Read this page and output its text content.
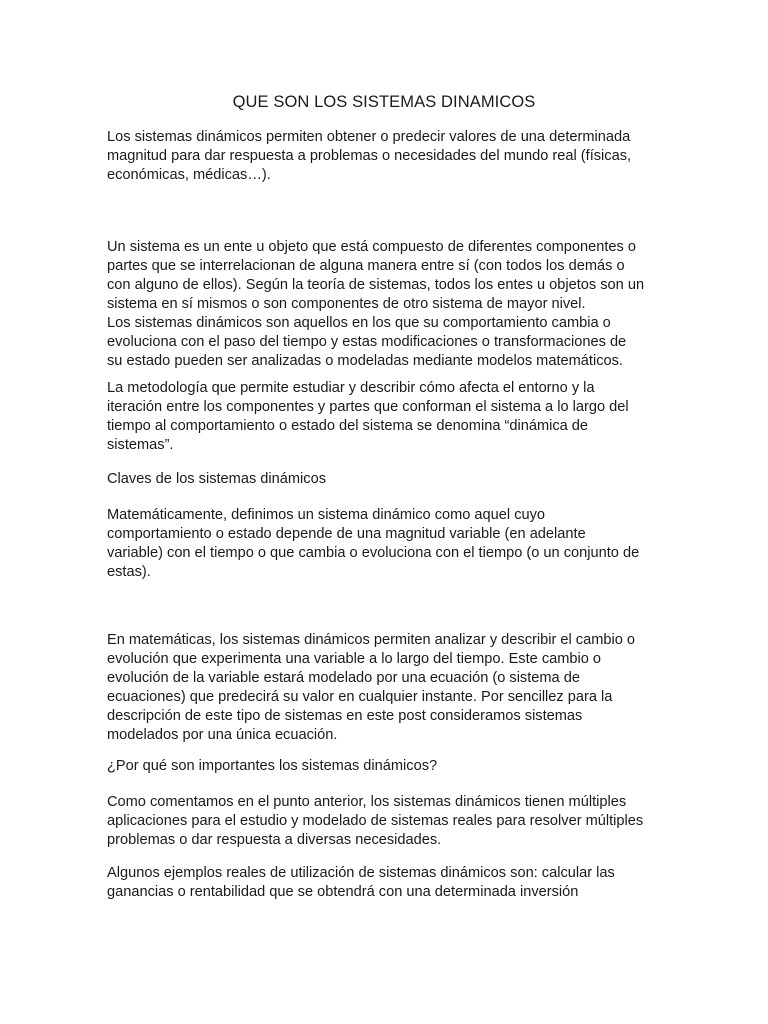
QUE SON LOS SISTEMAS DINAMICOS

Los sistemas dinámicos permiten obtener o predecir valores de una determinada
magnitud para dar respuesta a problemas o necesidades del mundo real (físicas,
económicas, médicas…).

Un sistema es un ente u objeto que está compuesto de diferentes componentes o
partes que se interrelacionan de alguna manera entre sí (con todos los demás o
con alguno de ellos). Según la teoría de sistemas, todos los entes u objetos son un
sistema en sí mismos o son componentes de otro sistema de mayor nivel.
Los sistemas dinámicos son aquellos en los que su comportamiento cambia o
evoluciona con el paso del tiempo y estas modificaciones o transformaciones de
su estado pueden ser analizadas o modeladas mediante modelos matemáticos.

La metodología que permite estudiar y describir cómo afecta el entorno y la
iteración entre los componentes y partes que conforman el sistema a lo largo del
tiempo al comportamiento o estado del sistema se denomina “dinámica de
sistemas”.

Claves de los sistemas dinámicos

Matemáticamente, definimos un sistema dinámico como aquel cuyo
comportamiento o estado depende de una magnitud variable (en adelante
variable) con el tiempo o que cambia o evoluciona con el tiempo (o un conjunto de
estas).

En matemáticas, los sistemas dinámicos permiten analizar y describir el cambio o
evolución que experimenta una variable a lo largo del tiempo. Este cambio o
evolución de la variable estará modelado por una ecuación (o sistema de
ecuaciones) que predecirá su valor en cualquier instante. Por sencillez para la
descripción de este tipo de sistemas en este post consideramos sistemas
modelados por una única ecuación.

¿Por qué son importantes los sistemas dinámicos?

Como comentamos en el punto anterior, los sistemas dinámicos tienen múltiples
aplicaciones para el estudio y modelado de sistemas reales para resolver múltiples
problemas o dar respuesta a diversas necesidades.

Algunos ejemplos reales de utilización de sistemas dinámicos son: calcular las
ganancias o rentabilidad que se obtendrá con una determinada inversión
